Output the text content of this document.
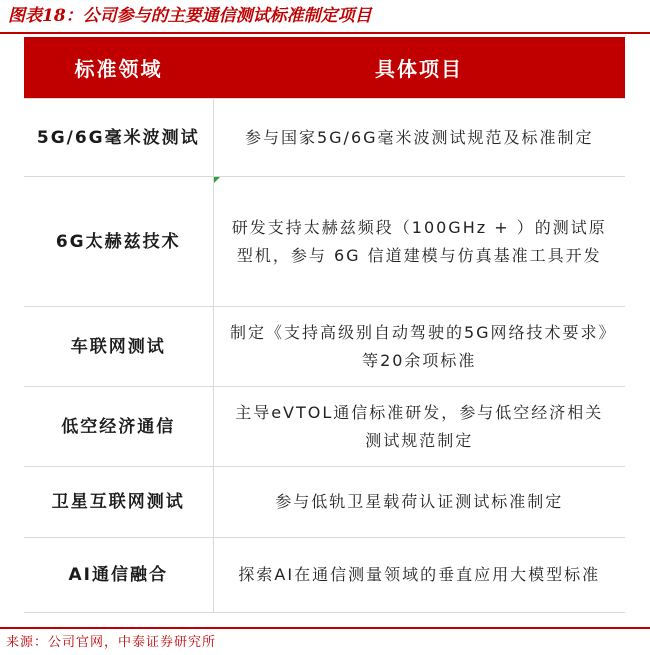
图表18：公司参与的主要通信测试标准制定项目
标准领域	具体项目
5G/6G毫米波测试	参与国家5G/6G毫米波测试规范及标准制定
6G太赫兹技术	研发支持太赫兹频段（100GHz + ）的测试原型机，参与 6G 信道建模与仿真基准工具开发
车联网测试	制定《支持高级别自动驾驶的5G网络技术要求》等20余项标准
低空经济通信	主导eVTOL通信标准研发，参与低空经济相关测试规范制定
卫星互联网测试	参与低轨卫星载荷认证测试标准制定
AI通信融合	探索AI在通信测量领域的垂直应用大模型标准
来源：公司官网，中泰证券研究所
